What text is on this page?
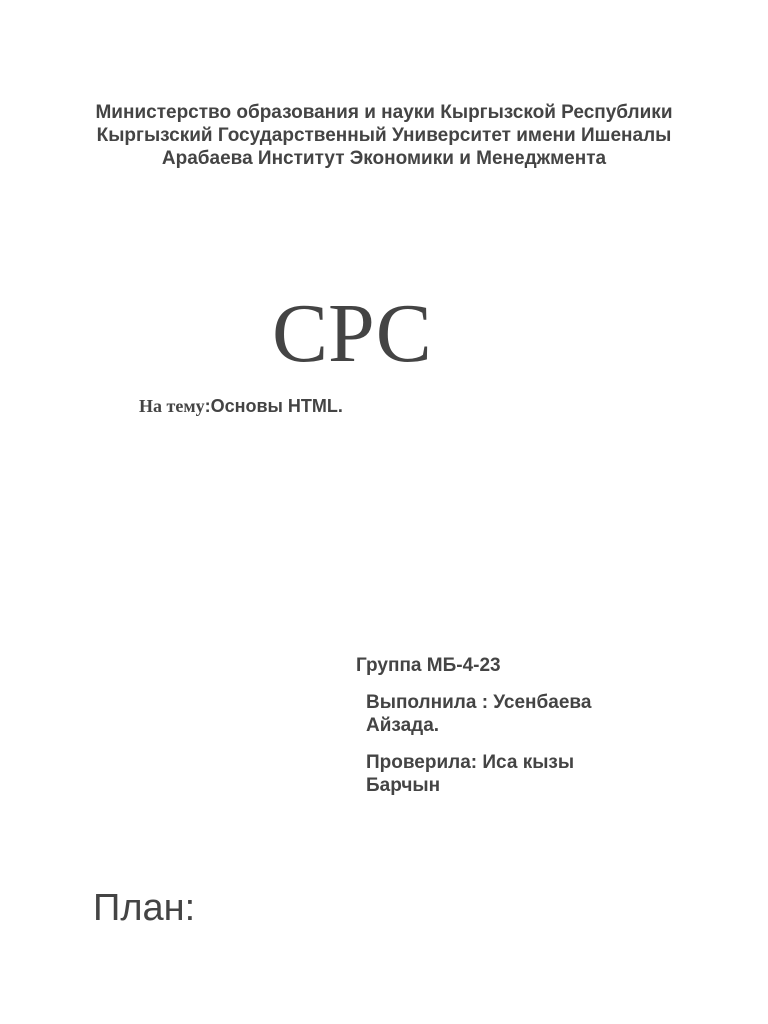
Министерство образования и науки Кыргызской Республики Кыргызский Государственный Университет имени Ишеналы Арабаева Институт Экономики и Менеджмента

СРС

На тему:Основы HTML.

Группа МБ-4-23

Выполнила : Усенбаева Айзада.

Проверила: Иса кызы Барчын

План:
